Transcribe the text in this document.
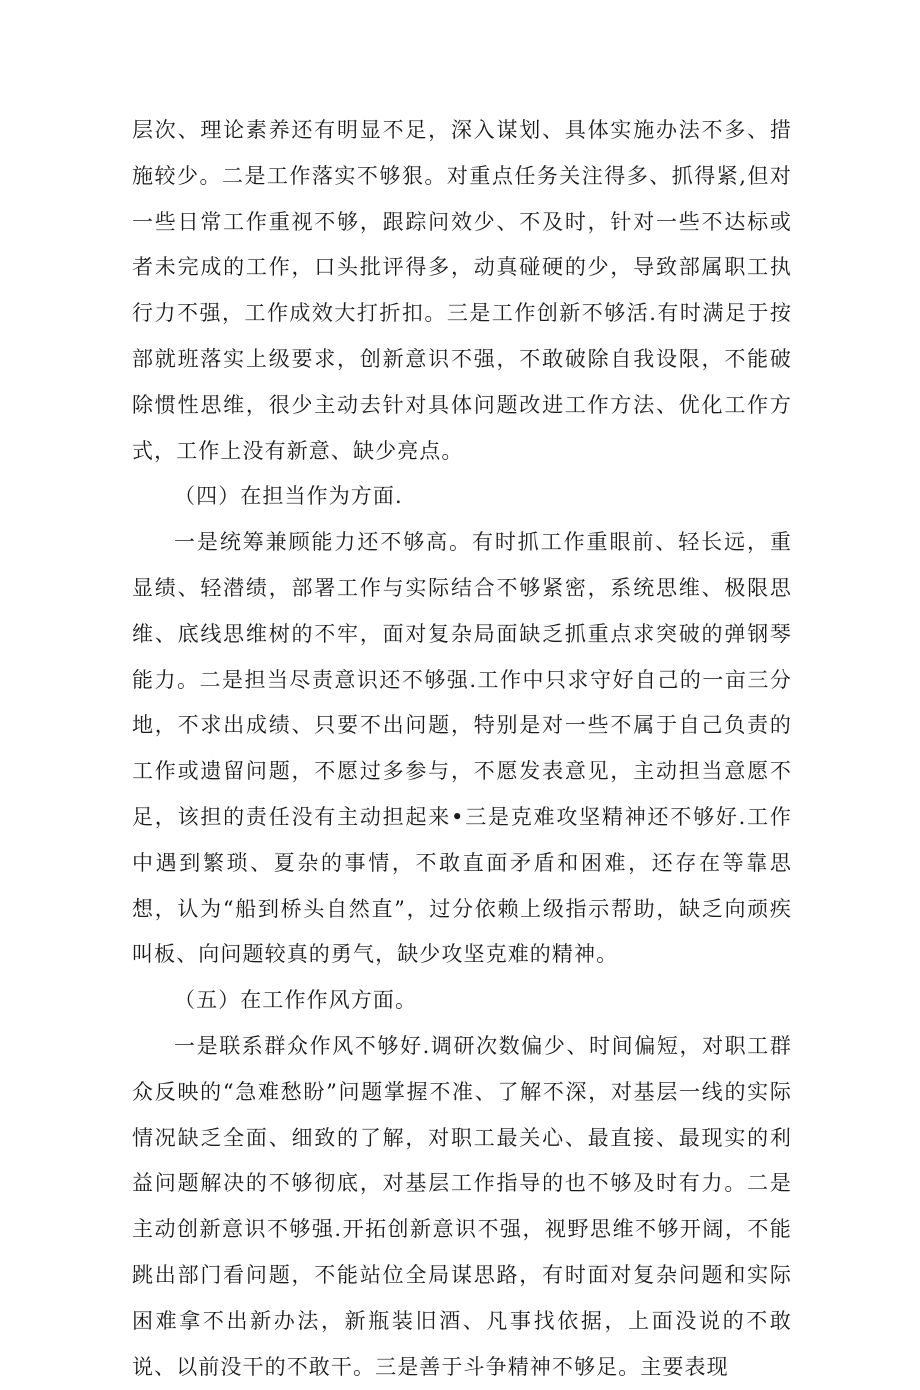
层次、理论素养还有明显不足，深入谋划、具体实施办法不多、措施较少。二是工作落实不够狠。对重点任务关注得多、抓得紧,但对一些日常工作重视不够，跟踪问效少、不及时，针对一些不达标或者未完成的工作，口头批评得多，动真碰硬的少，导致部属职工执行力不强，工作成效大打折扣。三是工作创新不够活.有时满足于按部就班落实上级要求，创新意识不强，不敢破除自我设限，不能破除惯性思维，很少主动去针对具体问题改进工作方法、优化工作方式，工作上没有新意、缺少亮点。

（四）在担当作为方面.

一是统筹兼顾能力还不够高。有时抓工作重眼前、轻长远，重显绩、轻潜绩，部署工作与实际结合不够紧密，系统思维、极限思维、底线思维树的不牢，面对复杂局面缺乏抓重点求突破的弹钢琴能力。二是担当尽责意识还不够强.工作中只求守好自己的一亩三分地，不求出成绩、只要不出问题，特别是对一些不属于自己负责的工作或遗留问题，不愿过多参与，不愿发表意见，主动担当意愿不足，该担的责任没有主动担起来•三是克难攻坚精神还不够好.工作中遇到繁琐、夏杂的事情，不敢直面矛盾和困难，还存在等靠思想，认为“船到桥头自然直”，过分依赖上级指示帮助，缺乏向顽疾叫板、向问题较真的勇气，缺少攻坚克难的精神。

（五）在工作作风方面。

一是联系群众作风不够好.调研次数偏少、时间偏短，对职工群众反映的“急难愁盼”问题掌握不准、了解不深，对基层一线的实际情况缺乏全面、细致的了解，对职工最关心、最直接、最现实的利益问题解决的不够彻底，对基层工作指导的也不够及时有力。二是主动创新意识不够强.开拓创新意识不强，视野思维不够开阔，不能跳出部门看问题，不能站位全局谋思路，有时面对复杂问题和实际困难拿不出新办法，新瓶装旧酒、凡事找依据，上面没说的不敢说、以前没干的不敢干。三是善于斗争精神不够足。主要表现
